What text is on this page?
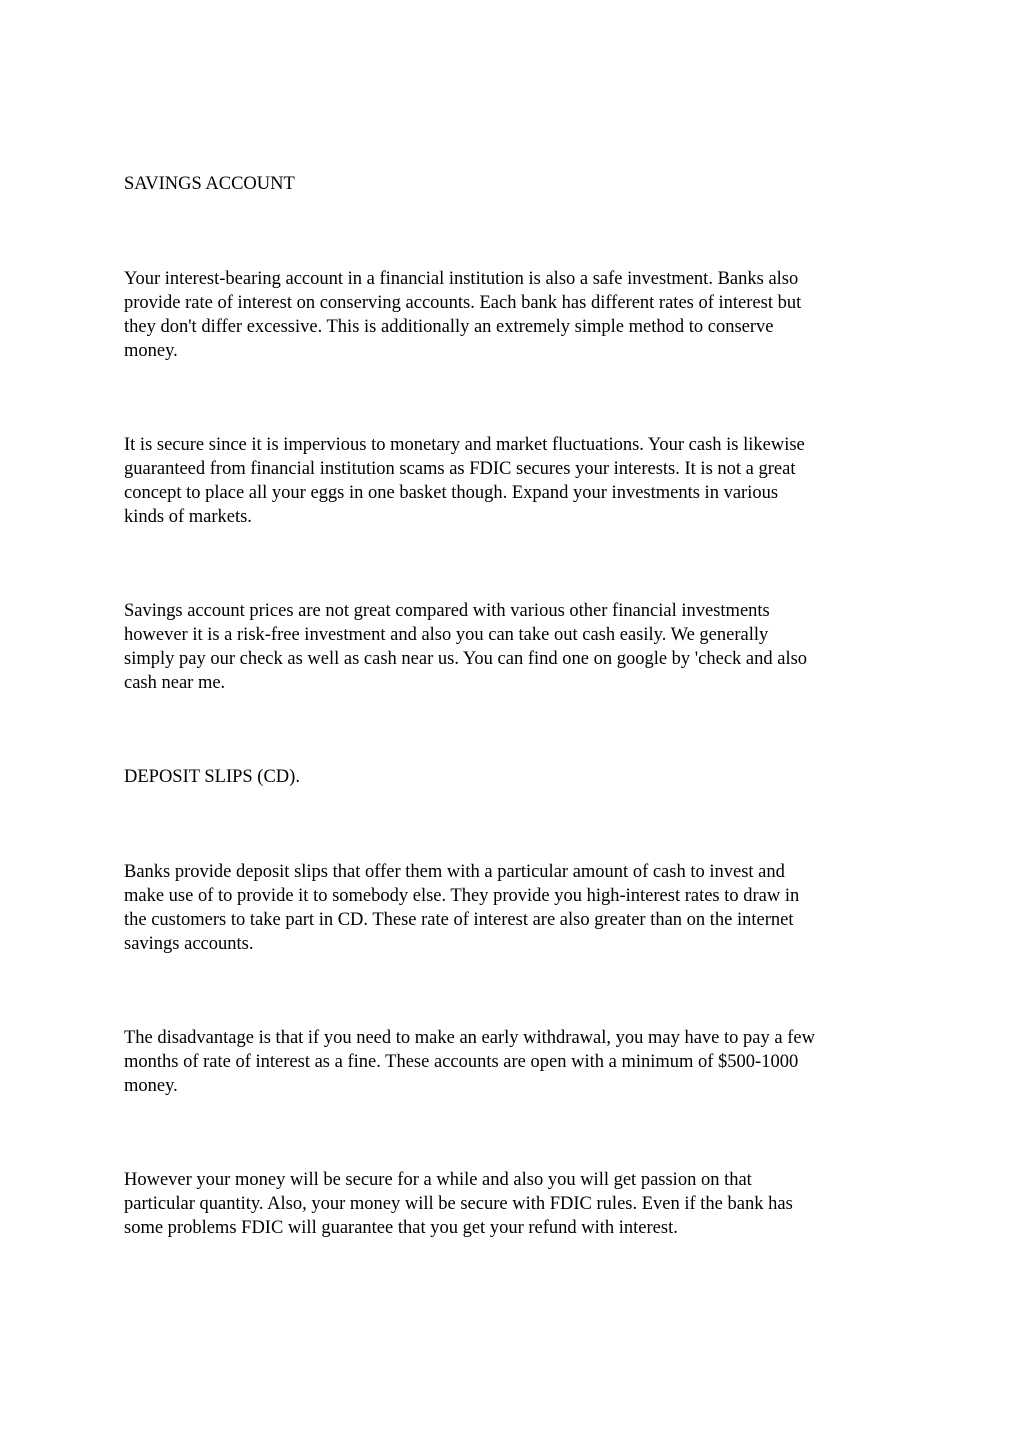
SAVINGS ACCOUNT

Your interest-bearing account in a financial institution is also a safe investment. Banks also
provide rate of interest on conserving accounts. Each bank has different rates of interest but
they don't differ excessive. This is additionally an extremely simple method to conserve
money.

It is secure since it is impervious to monetary and market fluctuations. Your cash is likewise
guaranteed from financial institution scams as FDIC secures your interests. It is not a great
concept to place all your eggs in one basket though. Expand your investments in various
kinds of markets.

Savings account prices are not great compared with various other financial investments
however it is a risk-free investment and also you can take out cash easily. We generally
simply pay our check as well as cash near us. You can find one on google by 'check and also
cash near me.

DEPOSIT SLIPS (CD).

Banks provide deposit slips that offer them with a particular amount of cash to invest and
make use of to provide it to somebody else. They provide you high-interest rates to draw in
the customers to take part in CD. These rate of interest are also greater than on the internet
savings accounts.

The disadvantage is that if you need to make an early withdrawal, you may have to pay a few
months of rate of interest as a fine. These accounts are open with a minimum of $500-1000
money.

However your money will be secure for a while and also you will get passion on that
particular quantity. Also, your money will be secure with FDIC rules. Even if the bank has
some problems FDIC will guarantee that you get your refund with interest.
